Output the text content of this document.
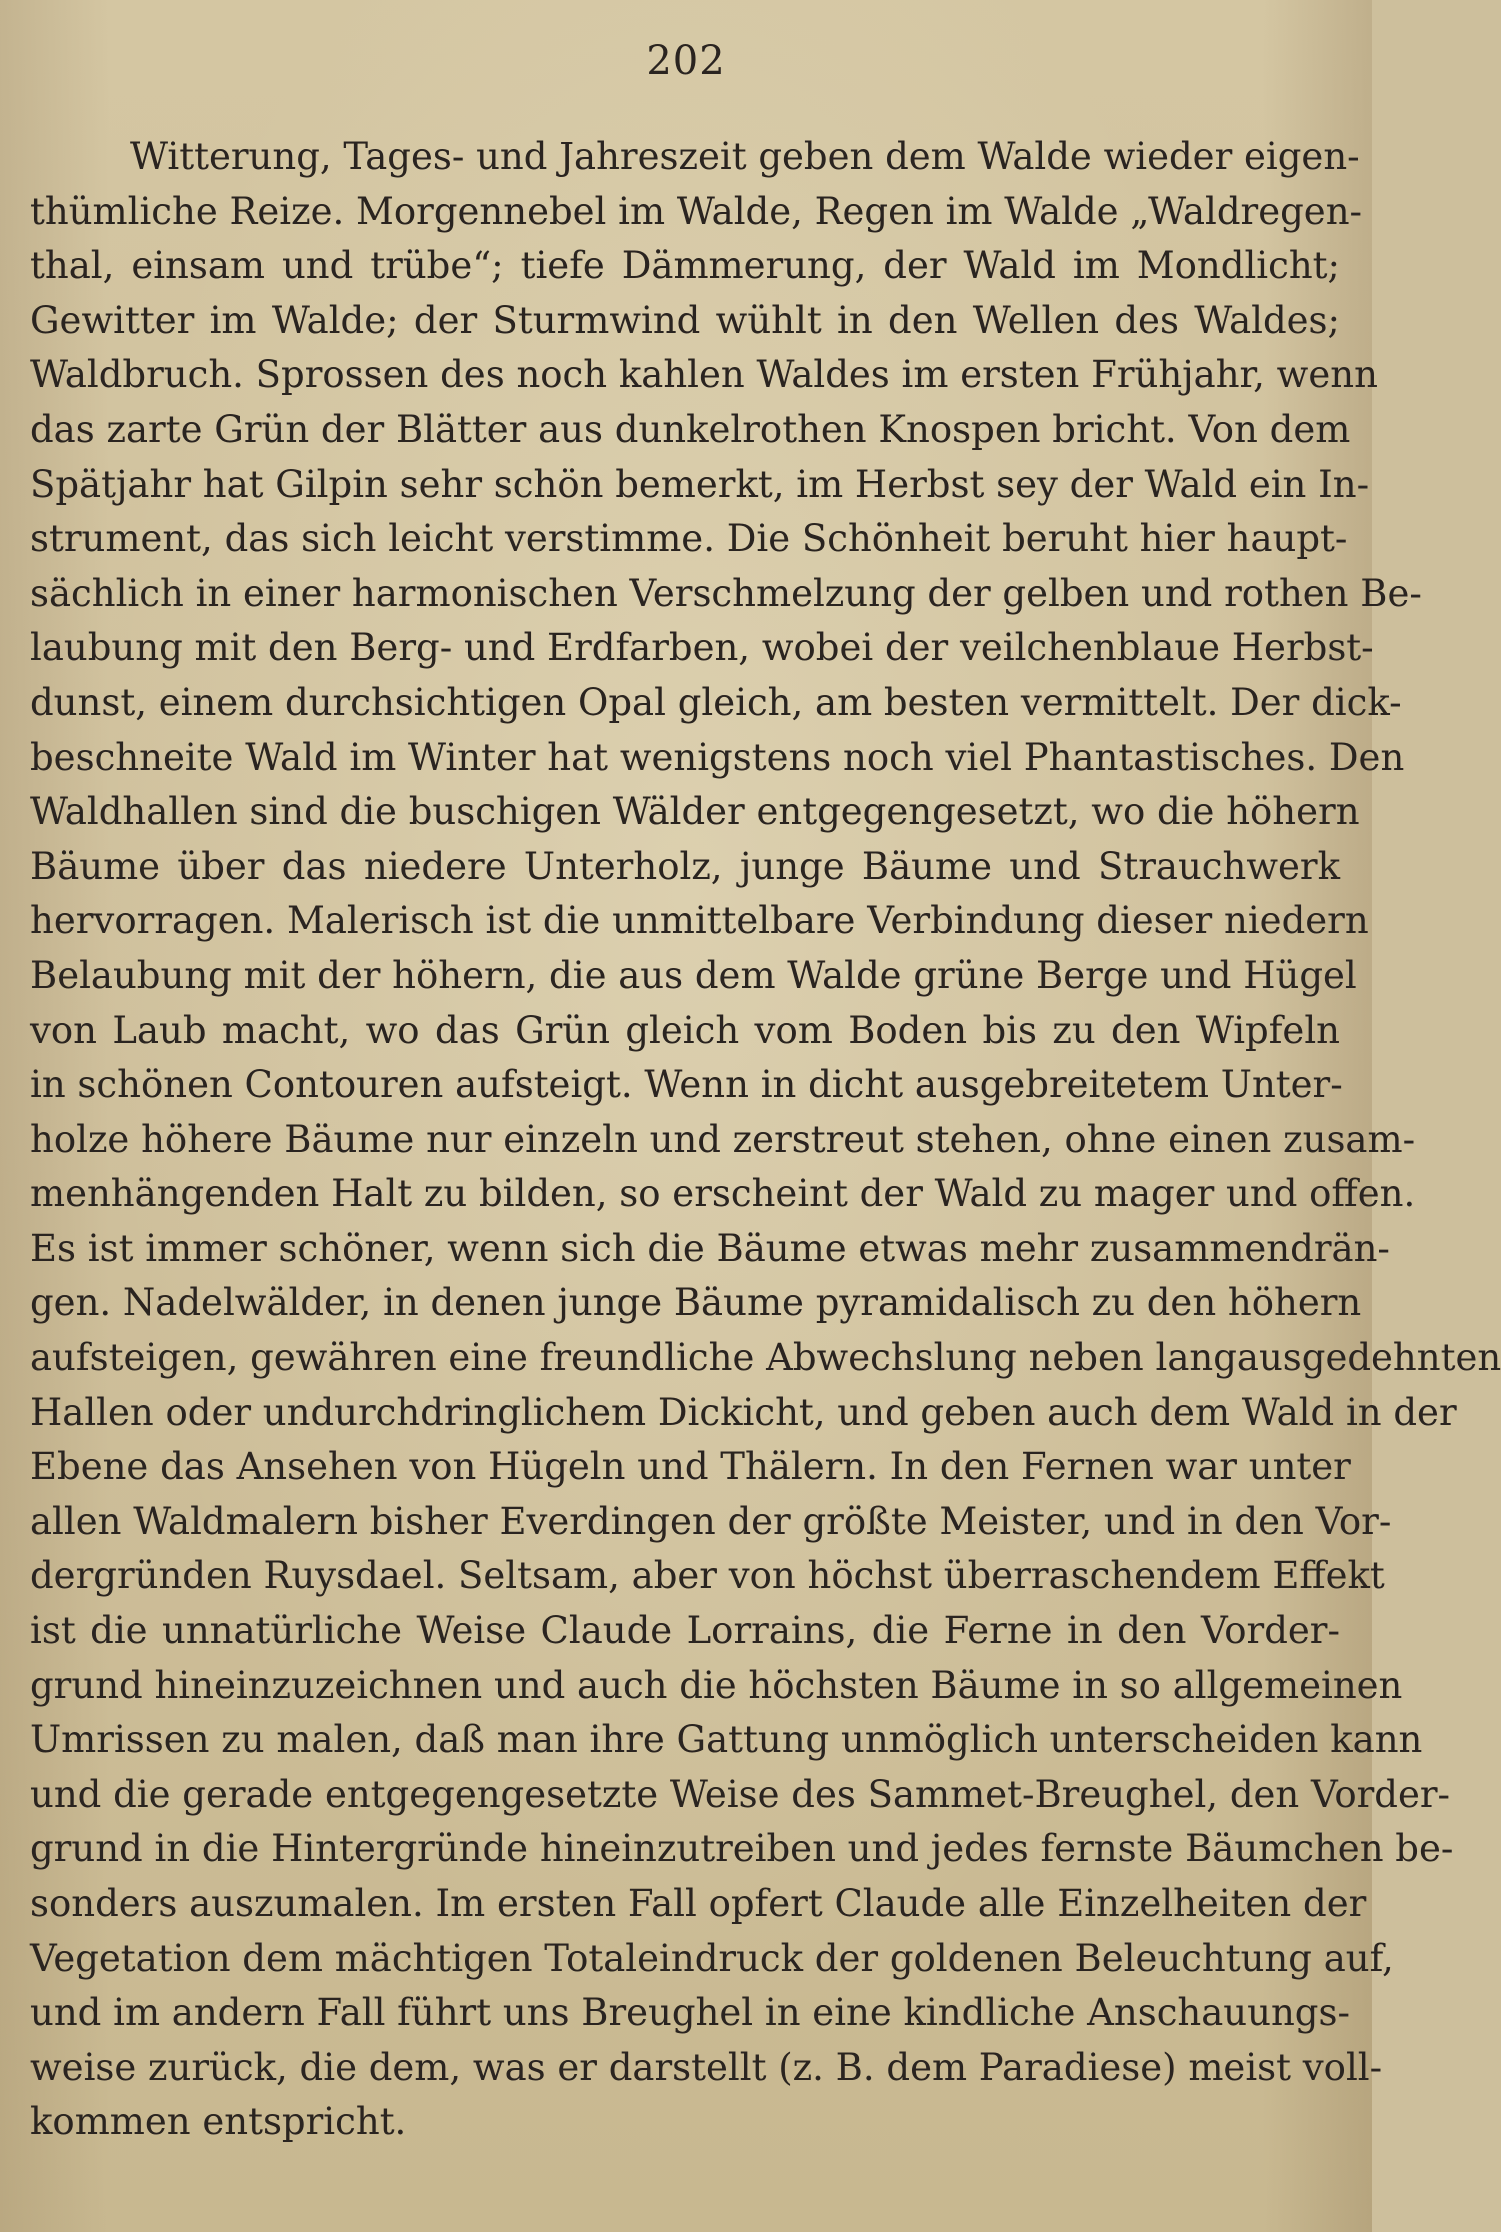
202
Witterung, Tages- und Jahreszeit geben dem Walde wieder eigen-
thümliche Reize. Morgennebel im Walde, Regen im Walde „Waldregen-
thal, einsam und trübe“; tiefe Dämmerung, der Wald im Mondlicht;
Gewitter im Walde; der Sturmwind wühlt in den Wellen des Waldes;
Waldbruch. Sprossen des noch kahlen Waldes im ersten Frühjahr, wenn
das zarte Grün der Blätter aus dunkelrothen Knospen bricht. Von dem
Spätjahr hat Gilpin sehr schön bemerkt, im Herbst sey der Wald ein In-
strument, das sich leicht verstimme. Die Schönheit beruht hier haupt-
sächlich in einer harmonischen Verschmelzung der gelben und rothen Be-
laubung mit den Berg- und Erdfarben, wobei der veilchenblaue Herbst-
dunst, einem durchsichtigen Opal gleich, am besten vermittelt. Der dick-
beschneite Wald im Winter hat wenigstens noch viel Phantastisches. Den
Waldhallen sind die buschigen Wälder entgegengesetzt, wo die höhern
Bäume über das niedere Unterholz, junge Bäume und Strauchwerk
hervorragen. Malerisch ist die unmittelbare Verbindung dieser niedern
Belaubung mit der höhern, die aus dem Walde grüne Berge und Hügel
von Laub macht, wo das Grün gleich vom Boden bis zu den Wipfeln
in schönen Contouren aufsteigt. Wenn in dicht ausgebreitetem Unter-
holze höhere Bäume nur einzeln und zerstreut stehen, ohne einen zusam-
menhängenden Halt zu bilden, so erscheint der Wald zu mager und offen.
Es ist immer schöner, wenn sich die Bäume etwas mehr zusammendrän-
gen. Nadelwälder, in denen junge Bäume pyramidalisch zu den höhern
aufsteigen, gewähren eine freundliche Abwechslung neben langausgedehnten
Hallen oder undurchdringlichem Dickicht, und geben auch dem Wald in der
Ebene das Ansehen von Hügeln und Thälern. In den Fernen war unter
allen Waldmalern bisher Everdingen der größte Meister, und in den Vor-
dergründen Ruysdael. Seltsam, aber von höchst überraschendem Effekt
ist die unnatürliche Weise Claude Lorrains, die Ferne in den Vorder-
grund hineinzuzeichnen und auch die höchsten Bäume in so allgemeinen
Umrissen zu malen, daß man ihre Gattung unmöglich unterscheiden kann
und die gerade entgegengesetzte Weise des Sammet-Breughel, den Vorder-
grund in die Hintergründe hineinzutreiben und jedes fernste Bäumchen be-
sonders auszumalen. Im ersten Fall opfert Claude alle Einzelheiten der
Vegetation dem mächtigen Totaleindruck der goldenen Beleuchtung auf,
und im andern Fall führt uns Breughel in eine kindliche Anschauungs-
weise zurück, die dem, was er darstellt (z. B. dem Paradiese) meist voll-
kommen entspricht.
